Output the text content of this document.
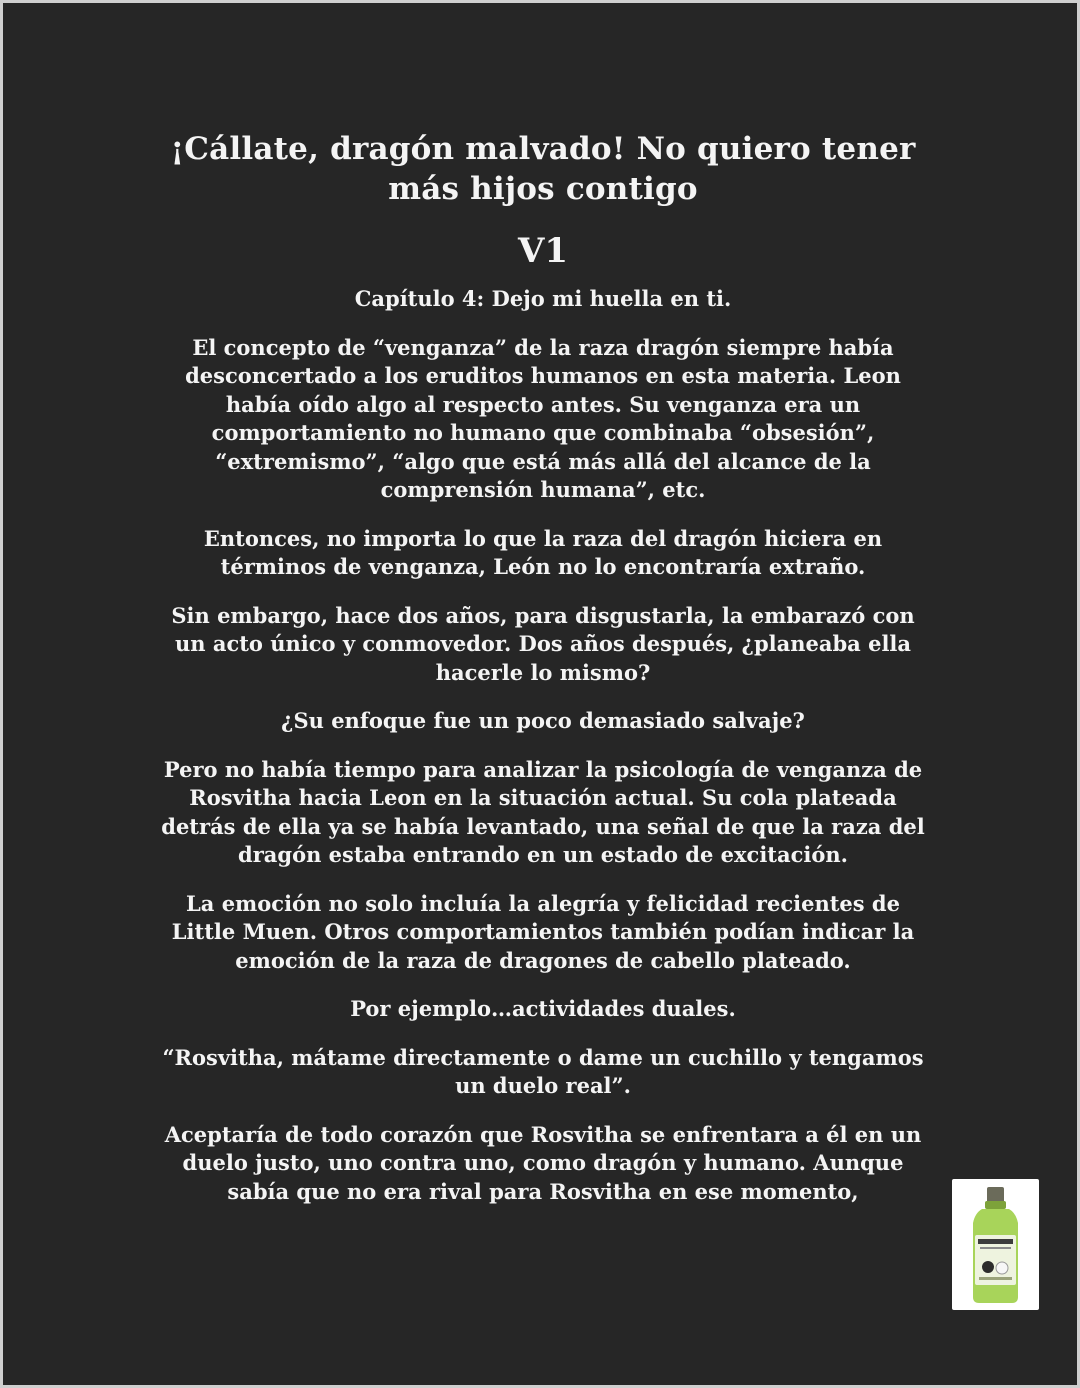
¡Cállate, dragón malvado! No quiero tener más hijos contigo
V1
Capítulo 4: Dejo mi huella en ti.
El concepto de “venganza” de la raza dragón siempre había desconcertado a los eruditos humanos en esta materia. Leon había oído algo al respecto antes. Su venganza era un comportamiento no humano que combinaba “obsesión”, “extremismo”, “algo que está más allá del alcance de la comprensión humana”, etc.
Entonces, no importa lo que la raza del dragón hiciera en términos de venganza, León no lo encontraría extraño.
Sin embargo, hace dos años, para disgustarla, la embarazó con un acto único y conmovedor. Dos años después, ¿planeaba ella hacerle lo mismo?
¿Su enfoque fue un poco demasiado salvaje?
Pero no había tiempo para analizar la psicología de venganza de Rosvitha hacia Leon en la situación actual. Su cola plateada detrás de ella ya se había levantado, una señal de que la raza del dragón estaba entrando en un estado de excitación.
La emoción no solo incluía la alegría y felicidad recientes de Little Muen. Otros comportamientos también podían indicar la emoción de la raza de dragones de cabello plateado.
Por ejemplo…actividades duales.
“Rosvitha, mátame directamente o dame un cuchillo y tengamos un duelo real”.
Aceptaría de todo corazón que Rosvitha se enfrentara a él en un duelo justo, uno contra uno, como dragón y humano. Aunque sabía que no era rival para Rosvitha en ese momento,
